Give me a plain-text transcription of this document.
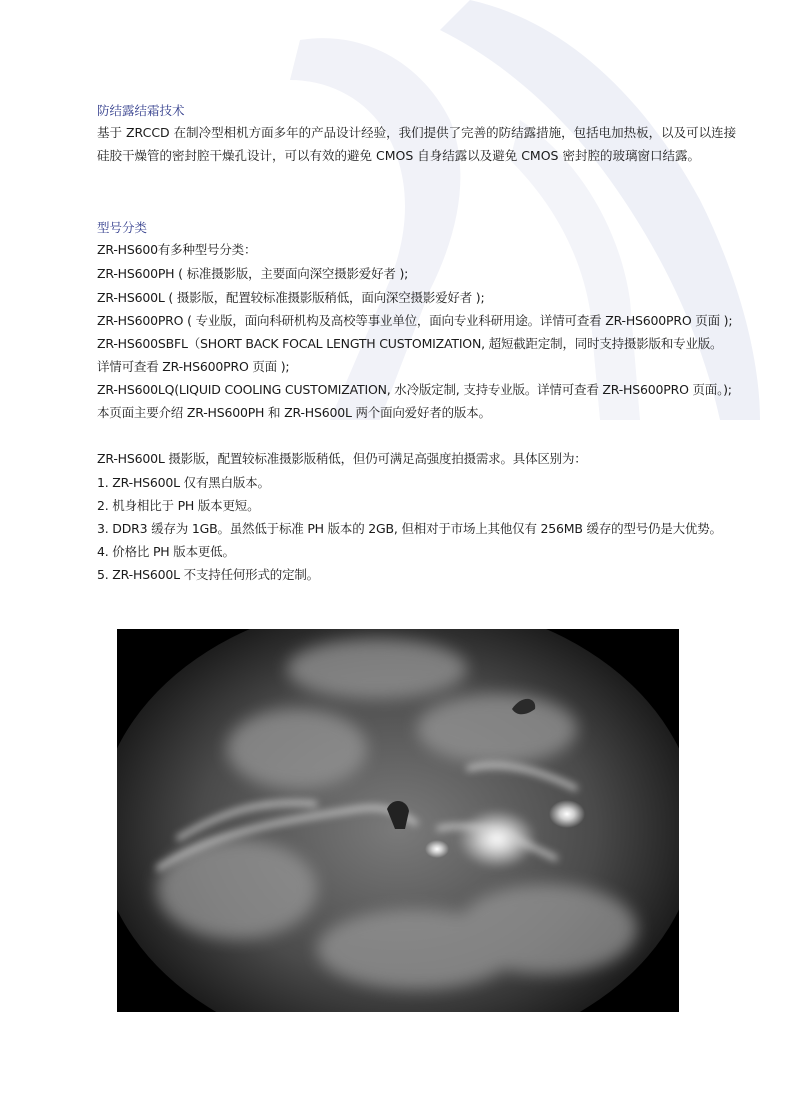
防结露结霜技术
基于 ZRCCD 在制冷型相机方面多年的产品设计经验，我们提供了完善的防结露措施，包括电加热板，以及可以连接硅胶干燥管的密封腔干燥孔设计，可以有效的避免 CMOS 自身结露以及避免 CMOS 密封腔的玻璃窗口结露。
型号分类
ZR-HS600有多种型号分类：
ZR-HS600PH ( 标准摄影版，主要面向深空摄影爱好者 );
ZR-HS600L ( 摄影版，配置较标准摄影版稍低，面向深空摄影爱好者 );
ZR-HS600PRO ( 专业版，面向科研机构及高校等事业单位，面向专业科研用途。详情可查看 ZR-HS600PRO 页面 );
ZR-HS600SBFL（SHORT BACK FOCAL LENGTH CUSTOMIZATION, 超短截距定制，同时支持摄影版和专业版。
详情可查看 ZR-HS600PRO 页面 );
ZR-HS600LQ(LIQUID COOLING CUSTOMIZATION, 水冷版定制, 支持专业版。详情可查看 ZR-HS600PRO 页面。);
本页面主要介绍 ZR-HS600PH 和 ZR-HS600L 两个面向爱好者的版本。
ZR-HS600L 摄影版，配置较标准摄影版稍低，但仍可满足高强度拍摄需求。具体区别为：
1. ZR-HS600L 仅有黑白版本。
2. 机身相比于 PH 版本更短。
3. DDR3 缓存为 1GB。虽然低于标准 PH 版本的 2GB, 但相对于市场上其他仅有 256MB 缓存的型号仍是大优势。
4. 价格比 PH 版本更低。
5. ZR-HS600L 不支持任何形式的定制。
